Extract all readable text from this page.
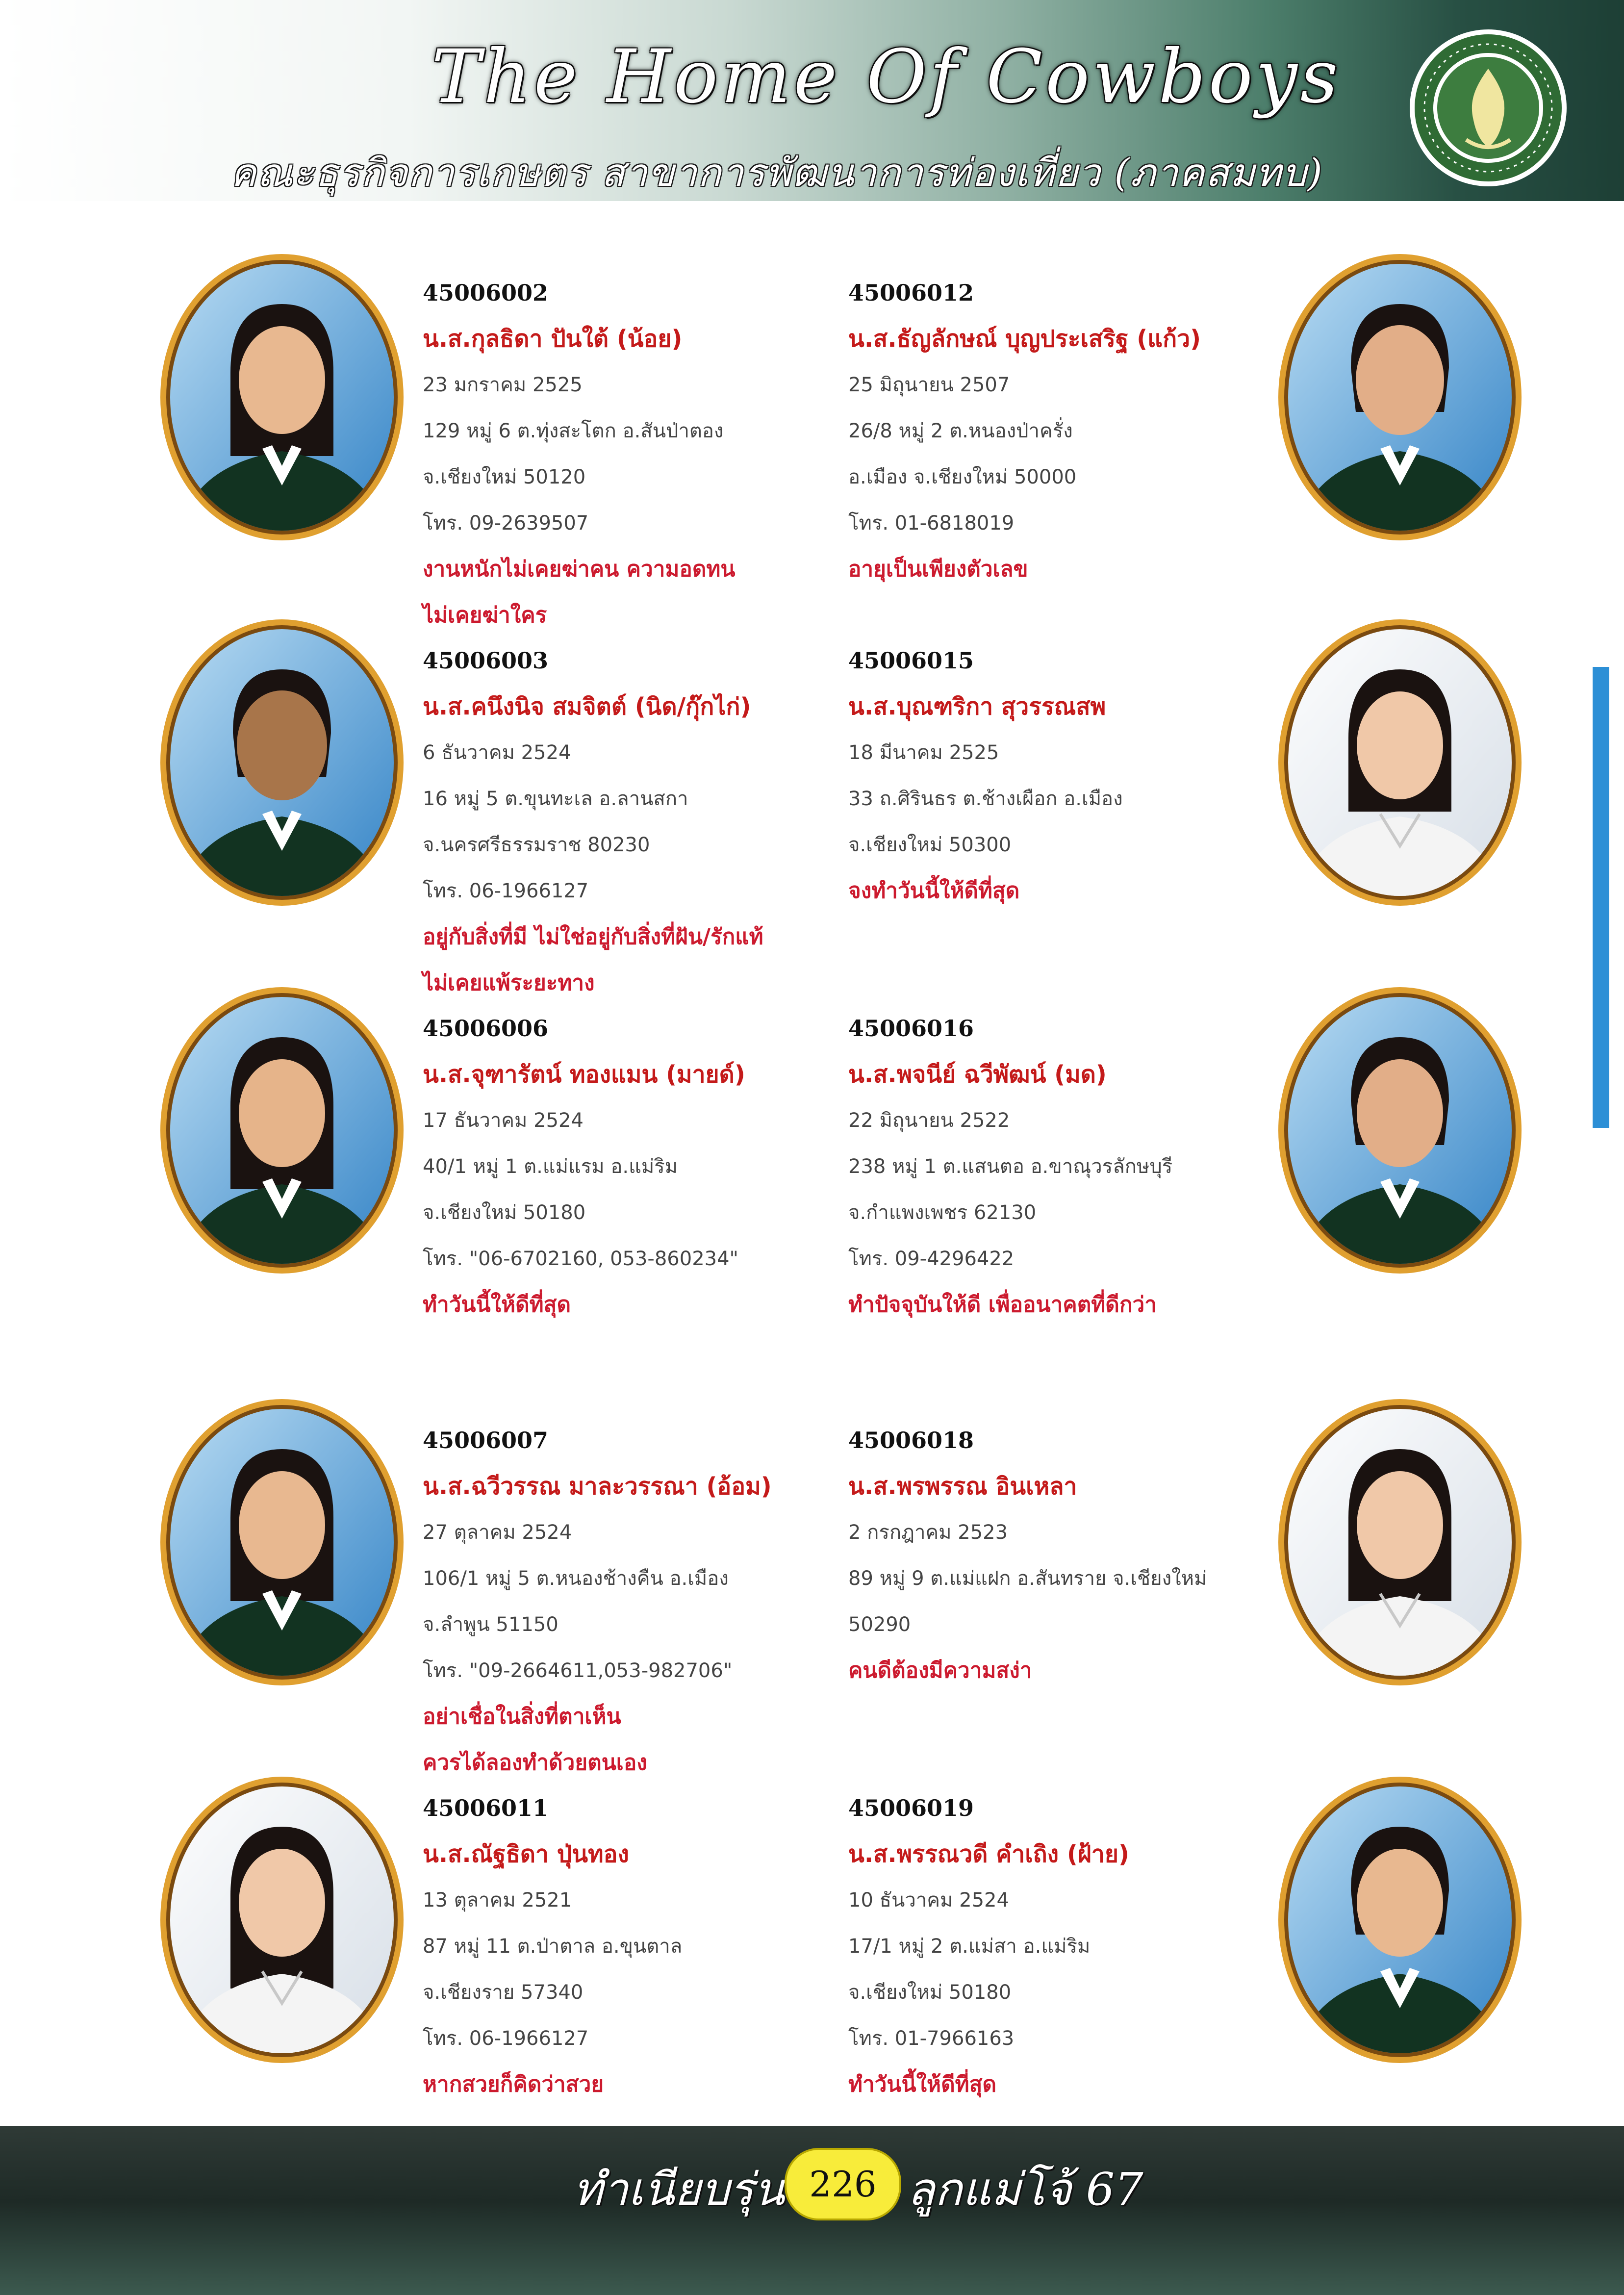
The Home Of Cowboys
คณะธุรกิจการเกษตร สาขาการพัฒนาการท่องเที่ยว (ภาคสมทบ)
45006002
น.ส.กุลธิดา ปันใต้ (น้อย)
23 มกราคม 2525
129 หมู่ 6 ต.ทุ่งสะโตก อ.สันป่าตอง
จ.เชียงใหม่ 50120
โทร. 09-2639507
งานหนักไม่เคยฆ่าคน ความอดทน
ไม่เคยฆ่าใคร
45006003
น.ส.คนึงนิจ สมจิตต์ (นิด/กุ๊กไก่)
6 ธันวาคม 2524
16 หมู่ 5 ต.ขุนทะเล อ.ลานสกา
จ.นครศรีธรรมราช 80230
โทร. 06-1966127
อยู่กับสิ่งที่มี ไม่ใช่อยู่กับสิ่งที่ฝัน/รักแท้
ไม่เคยแพ้ระยะทาง
45006006
น.ส.จุฑารัตน์ ทองแมน (มายด์)
17 ธันวาคม 2524
40/1 หมู่ 1 ต.แม่แรม อ.แม่ริม
จ.เชียงใหม่ 50180
โทร. "06-6702160, 053-860234"
ทำวันนี้ให้ดีที่สุด
45006007
น.ส.ฉวีวรรณ มาละวรรณา (อ้อม)
27 ตุลาคม 2524
106/1 หมู่ 5 ต.หนองช้างคืน อ.เมือง
จ.ลำพูน 51150
โทร. "09-2664611,053-982706"
อย่าเชื่อในสิ่งที่ตาเห็น
ควรได้ลองทำด้วยตนเอง
45006011
น.ส.ณัฐธิดา ปุ่นทอง
13 ตุลาคม 2521
87 หมู่ 11 ต.ป่าตาล อ.ขุนตาล
จ.เชียงราย 57340
โทร. 06-1966127
หากสวยก็คิดว่าสวย
45006012
น.ส.ธัญลักษณ์ บุญประเสริฐ (แก้ว)
25 มิถุนายน 2507
26/8 หมู่ 2 ต.หนองป่าครั่ง
อ.เมือง จ.เชียงใหม่ 50000
โทร. 01-6818019
อายุเป็นเพียงตัวเลข
45006015
น.ส.บุณฑริกา สุวรรณสพ
18 มีนาคม 2525
33 ถ.ศิรินธร ต.ช้างเผือก อ.เมือง
จ.เชียงใหม่ 50300
จงทำวันนี้ให้ดีที่สุด
45006016
น.ส.พจนีย์ ฉวีพัฒน์ (มด)
22 มิถุนายน 2522
238 หมู่ 1 ต.แสนตอ อ.ขาณุวรลักษบุรี
จ.กำแพงเพชร 62130
โทร. 09-4296422
ทำปัจจุบันให้ดี เพื่ออนาคตที่ดีกว่า
45006018
น.ส.พรพรรณ อินเหลา
2 กรกฎาคม 2523
89 หมู่ 9 ต.แม่แฝก อ.สันทราย จ.เชียงใหม่
50290
คนดีต้องมีความสง่า
45006019
น.ส.พรรณวดี คำเถิง (ฝ้าย)
10 ธันวาคม 2524
17/1 หมู่ 2 ต.แม่สา อ.แม่ริม
จ.เชียงใหม่ 50180
โทร. 01-7966163
ทำวันนี้ให้ดีที่สุด
ทำเนียบรุ่น 226 ลูกแม่โจ้ 67
